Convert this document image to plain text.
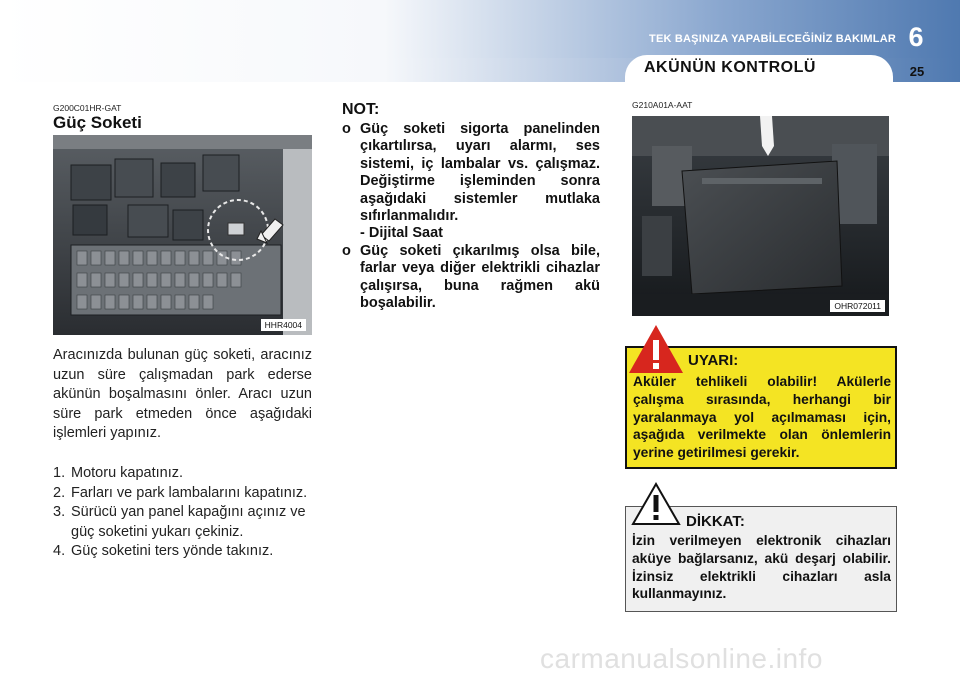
TEK BAŞINIZA YAPABİLECEĞİNİZ BAKIMLAR 6
AKÜNÜN KONTROLÜ	25
G200C01HR-GAT
Güç Soketi
HHR4004

Aracınızda bulunan güç soketi, aracınız uzun süre çalışmadan park ederse akünün boşalmasını önler. Aracı uzun süre park etmeden önce aşağıdaki işlemleri yapınız.

1. Motoru kapatınız.
2. Farları ve park lambalarını kapatınız.
3. Sürücü yan panel kapağını açınız ve güç soketini yukarı çekiniz.
4. Güç soketini ters yönde takınız.
NOT:
o Güç soketi sigorta panelinden çıkartılırsa, uyarı alarmı, ses sistemi, iç lambalar vs. çalışmaz. Değiştirme işleminden sonra aşağıdaki sistemler mutlaka sıfırlanmalıdır.
- Dijital Saat
o Güç soketi çıkarılmış olsa bile, farlar veya diğer elektrikli cihazlar çalışırsa, buna rağmen akü boşalabilir.
G210A01A-AAT
OHR072011
UYARI:
Aküler tehlikeli olabilir! Akülerle çalışma sırasında, herhangi bir yaralanmaya yol açılmaması için, aşağıda verilmekte olan önlemlerin yerine getirilmesi gerekir.
DİKKAT:
İzin verilmeyen elektronik cihazları aküye bağlarsanız, akü deşarj olabilir. İzinsiz elektrikli cihazları asla kullanmayınız.
carmanualsonline.info
